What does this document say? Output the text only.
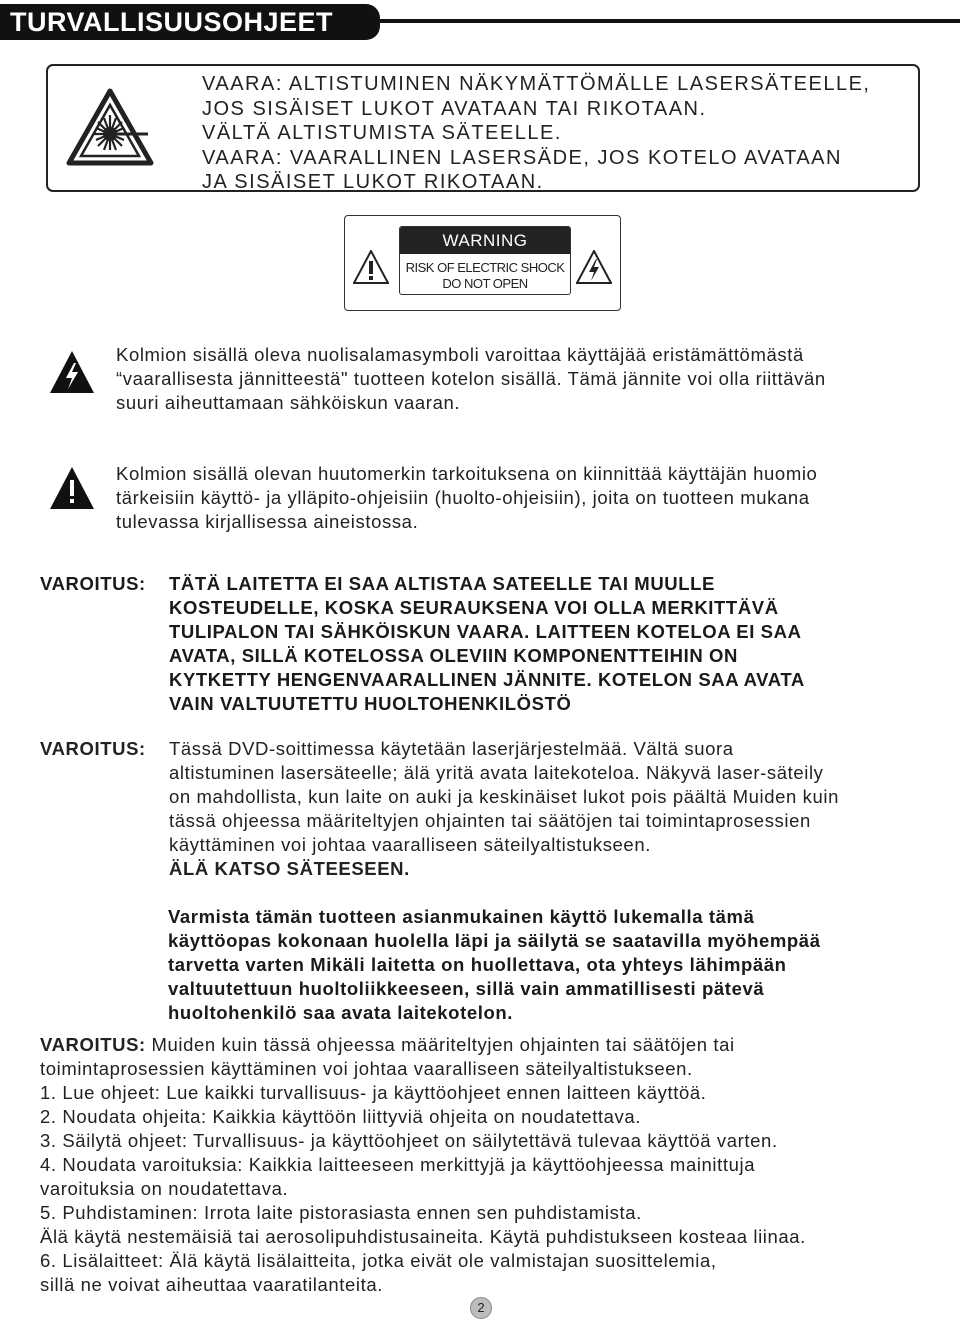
TURVALLISUUSOHJEET
VAARA: ALTISTUMINEN NÄKYMÄTTÖMÄLLE LASERSÄTEELLE,
JOS SISÄISET LUKOT AVATAAN TAI RIKOTAAN.
VÄLTÄ ALTISTUMISTA SÄTEELLE.
VAARA: VAARALLINEN LASERSÄDE, JOS KOTELO AVATAAN
JA SISÄISET LUKOT RIKOTAAN.
WARNING
RISK OF ELECTRIC SHOCK
DO NOT OPEN
Kolmion sisällä oleva nuolisalamasymboli varoittaa käyttäjää eristämättömästä
“vaarallisesta jännitteestä" tuotteen kotelon sisällä. Tämä jännite voi olla riittävän
suuri aiheuttamaan sähköiskun vaaran.
Kolmion sisällä olevan huutomerkin tarkoituksena on kiinnittää käyttäjän huomio
tärkeisiin käyttö- ja ylläpito-ohjeisiin (huolto-ohjeisiin), joita on tuotteen mukana
tulevassa kirjallisessa aineistossa.
VAROITUS: TÄTÄ LAITETTA EI SAA ALTISTAA SATEELLE TAI MUULLE
KOSTEUDELLE, KOSKA SEURAUKSENA VOI OLLA MERKITTÄVÄ
TULIPALON TAI SÄHKÖISKUN VAARA. LAITTEEN KOTELOA EI SAA
AVATA, SILLÄ KOTELOSSA OLEVIIN KOMPONENTTEIHIN ON
KYTKETTY HENGENVAARALLINEN JÄNNITE. KOTELON SAA AVATA
VAIN VALTUUTETTU HUOLTOHENKILÖSTÖ
VAROITUS: Tässä DVD-soittimessa käytetään laserjärjestelmää. Vältä suora
altistuminen lasersäteelle; älä yritä avata laitekoteloa. Näkyvä laser-säteily
on mahdollista, kun laite on auki ja keskinäiset lukot pois päältä Muiden kuin
tässä ohjeessa määriteltyjen ohjainten tai säätöjen tai toimintaprosessien
käyttäminen voi johtaa vaaralliseen säteilyaltistukseen.
ÄLÄ KATSO SÄTEESEEN.
Varmista tämän tuotteen asianmukainen käyttö lukemalla tämä
käyttöopas kokonaan huolella läpi ja säilytä se saatavilla myöhempää
tarvetta varten Mikäli laitetta on huollettava, ota yhteys lähimpään
valtuutettuun huoltoliikkeeseen, sillä vain ammatillisesti pätevä
huoltohenkilö saa avata laitekotelon.
VAROITUS: Muiden kuin tässä ohjeessa määriteltyjen ohjainten tai säätöjen tai
toimintaprosessien käyttäminen voi johtaa vaaralliseen säteilyaltistukseen.
1. Lue ohjeet: Lue kaikki turvallisuus- ja käyttöohjeet ennen laitteen käyttöä.
2. Noudata ohjeita: Kaikkia käyttöön liittyviä ohjeita on noudatettava.
3. Säilytä ohjeet: Turvallisuus- ja käyttöohjeet on säilytettävä tulevaa käyttöä varten.
4. Noudata varoituksia: Kaikkia laitteeseen merkittyjä ja käyttöohjeessa mainittuja
varoituksia on noudatettava.
5. Puhdistaminen: Irrota laite pistorasiasta ennen sen puhdistamista.
Älä käytä nestemäisiä tai aerosolipuhdistusaineita. Käytä puhdistukseen kosteaa liinaa.
6. Lisälaitteet: Älä käytä lisälaitteita, jotka eivät ole valmistajan suosittelemia,
sillä ne voivat aiheuttaa vaaratilanteita.
2
